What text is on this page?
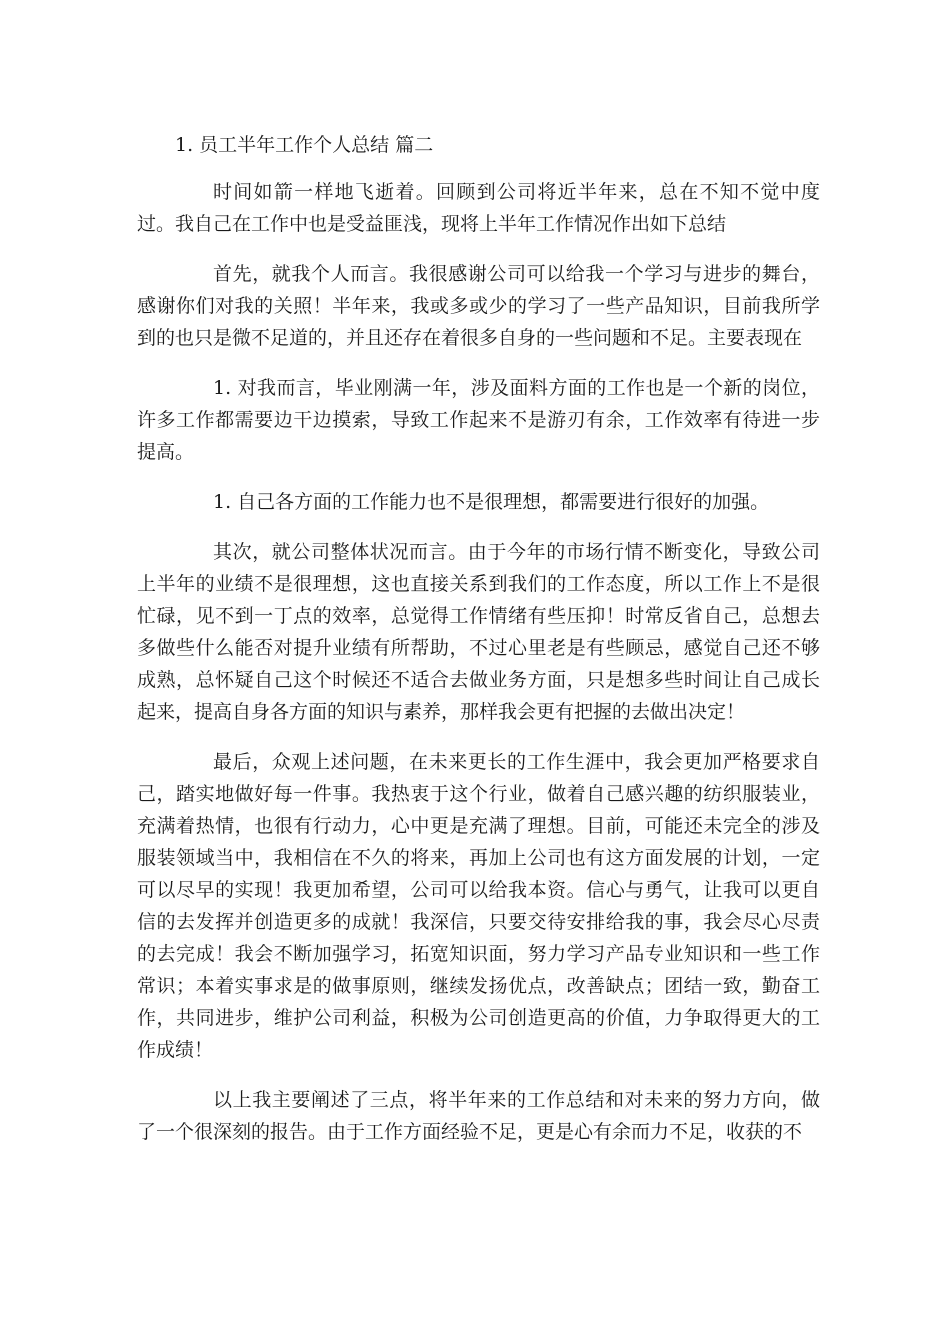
1. 员工半年工作个人总结 篇二

时间如箭一样地飞逝着。回顾到公司将近半年来，总在不知不觉中度过。我自己在工作中也是受益匪浅，现将上半年工作情况作出如下总结

首先，就我个人而言。我很感谢公司可以给我一个学习与进步的舞台，感谢你们对我的关照！半年来，我或多或少的学习了一些产品知识，目前我所学到的也只是微不足道的，并且还存在着很多自身的一些问题和不足。主要表现在

1. 对我而言，毕业刚满一年，涉及面料方面的工作也是一个新的岗位，许多工作都需要边干边摸索，导致工作起来不是游刃有余，工作效率有待进一步提高。

1. 自己各方面的工作能力也不是很理想，都需要进行很好的加强。

其次，就公司整体状况而言。由于今年的市场行情不断变化，导致公司上半年的业绩不是很理想，这也直接关系到我们的工作态度，所以工作上不是很忙碌，见不到一丁点的效率，总觉得工作情绪有些压抑！时常反省自己，总想去多做些什么能否对提升业绩有所帮助，不过心里老是有些顾忌，感觉自己还不够成熟，总怀疑自己这个时候还不适合去做业务方面，只是想多些时间让自己成长起来，提高自身各方面的知识与素养，那样我会更有把握的去做出决定！

最后，众观上述问题，在未来更长的工作生涯中，我会更加严格要求自己，踏实地做好每一件事。我热衷于这个行业，做着自己感兴趣的纺织服装业，充满着热情，也很有行动力，心中更是充满了理想。目前，可能还未完全的涉及服装领域当中，我相信在不久的将来，再加上公司也有这方面发展的计划，一定可以尽早的实现！我更加希望，公司可以给我本资。信心与勇气，让我可以更自信的去发挥并创造更多的成就！我深信，只要交待安排给我的事，我会尽心尽责的去完成！我会不断加强学习，拓宽知识面，努力学习产品专业知识和一些工作常识；本着实事求是的做事原则，继续发扬优点，改善缺点；团结一致，勤奋工作，共同进步，维护公司利益，积极为公司创造更高的价值，力争取得更大的工作成绩！

以上我主要阐述了三点，将半年来的工作总结和对未来的努力方向，做了一个很深刻的报告。由于工作方面经验不足，更是心有余而力不足，收获的不
